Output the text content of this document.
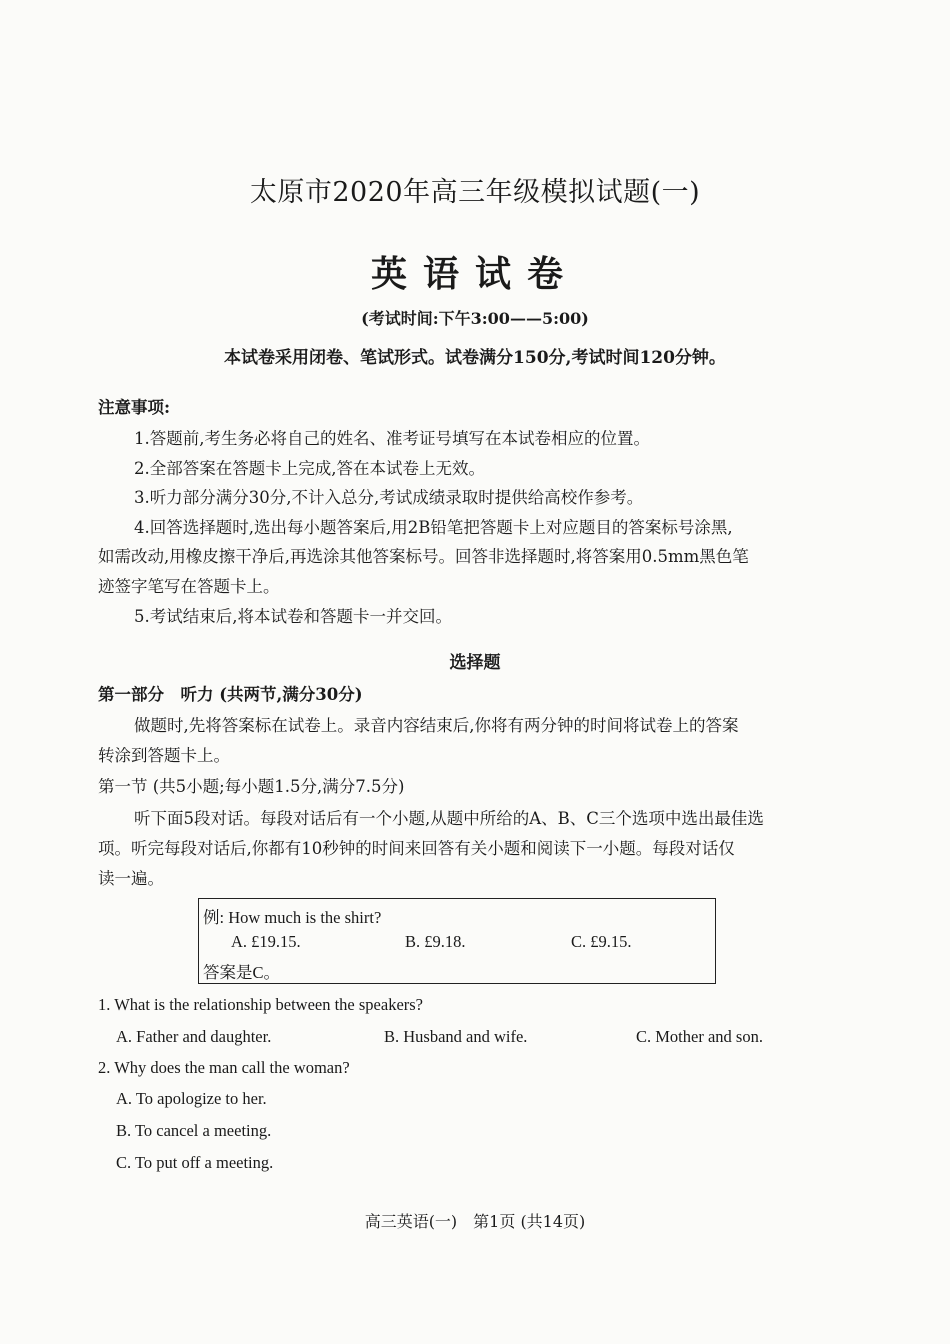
太原市2020年高三年级模拟试题(一)
英语试卷
(考试时间:下午3:00——5:00)
本试卷采用闭卷、笔试形式。试卷满分150分,考试时间120分钟。
注意事项:
1.答题前,考生务必将自己的姓名、准考证号填写在本试卷相应的位置。
2.全部答案在答题卡上完成,答在本试卷上无效。
3.听力部分满分30分,不计入总分,考试成绩录取时提供给高校作参考。
4.回答选择题时,选出每小题答案后,用2B铅笔把答题卡上对应题目的答案标号涂黑,
如需改动,用橡皮擦干净后,再选涂其他答案标号。回答非选择题时,将答案用0.5mm黑色笔
迹签字笔写在答题卡上。
5.考试结束后,将本试卷和答题卡一并交回。
选择题
第一部分　听力 (共两节,满分30分)
做题时,先将答案标在试卷上。录音内容结束后,你将有两分钟的时间将试卷上的答案
转涂到答题卡上。
第一节 (共5小题;每小题1.5分,满分7.5分)
听下面5段对话。每段对话后有一个小题,从题中所给的A、B、C三个选项中选出最佳选
项。听完每段对话后,你都有10秒钟的时间来回答有关小题和阅读下一小题。每段对话仅
读一遍。
例: How much is the shirt?
A. £19.15.	B. £9.18.	C. £9.15.
答案是C。
1. What is the relationship between the speakers?
A. Father and daughter.	B. Husband and wife.	C. Mother and son.
2. Why does the man call the woman?
A. To apologize to her.
B. To cancel a meeting.
C. To put off a meeting.
高三英语(一)　第1页 (共14页)
